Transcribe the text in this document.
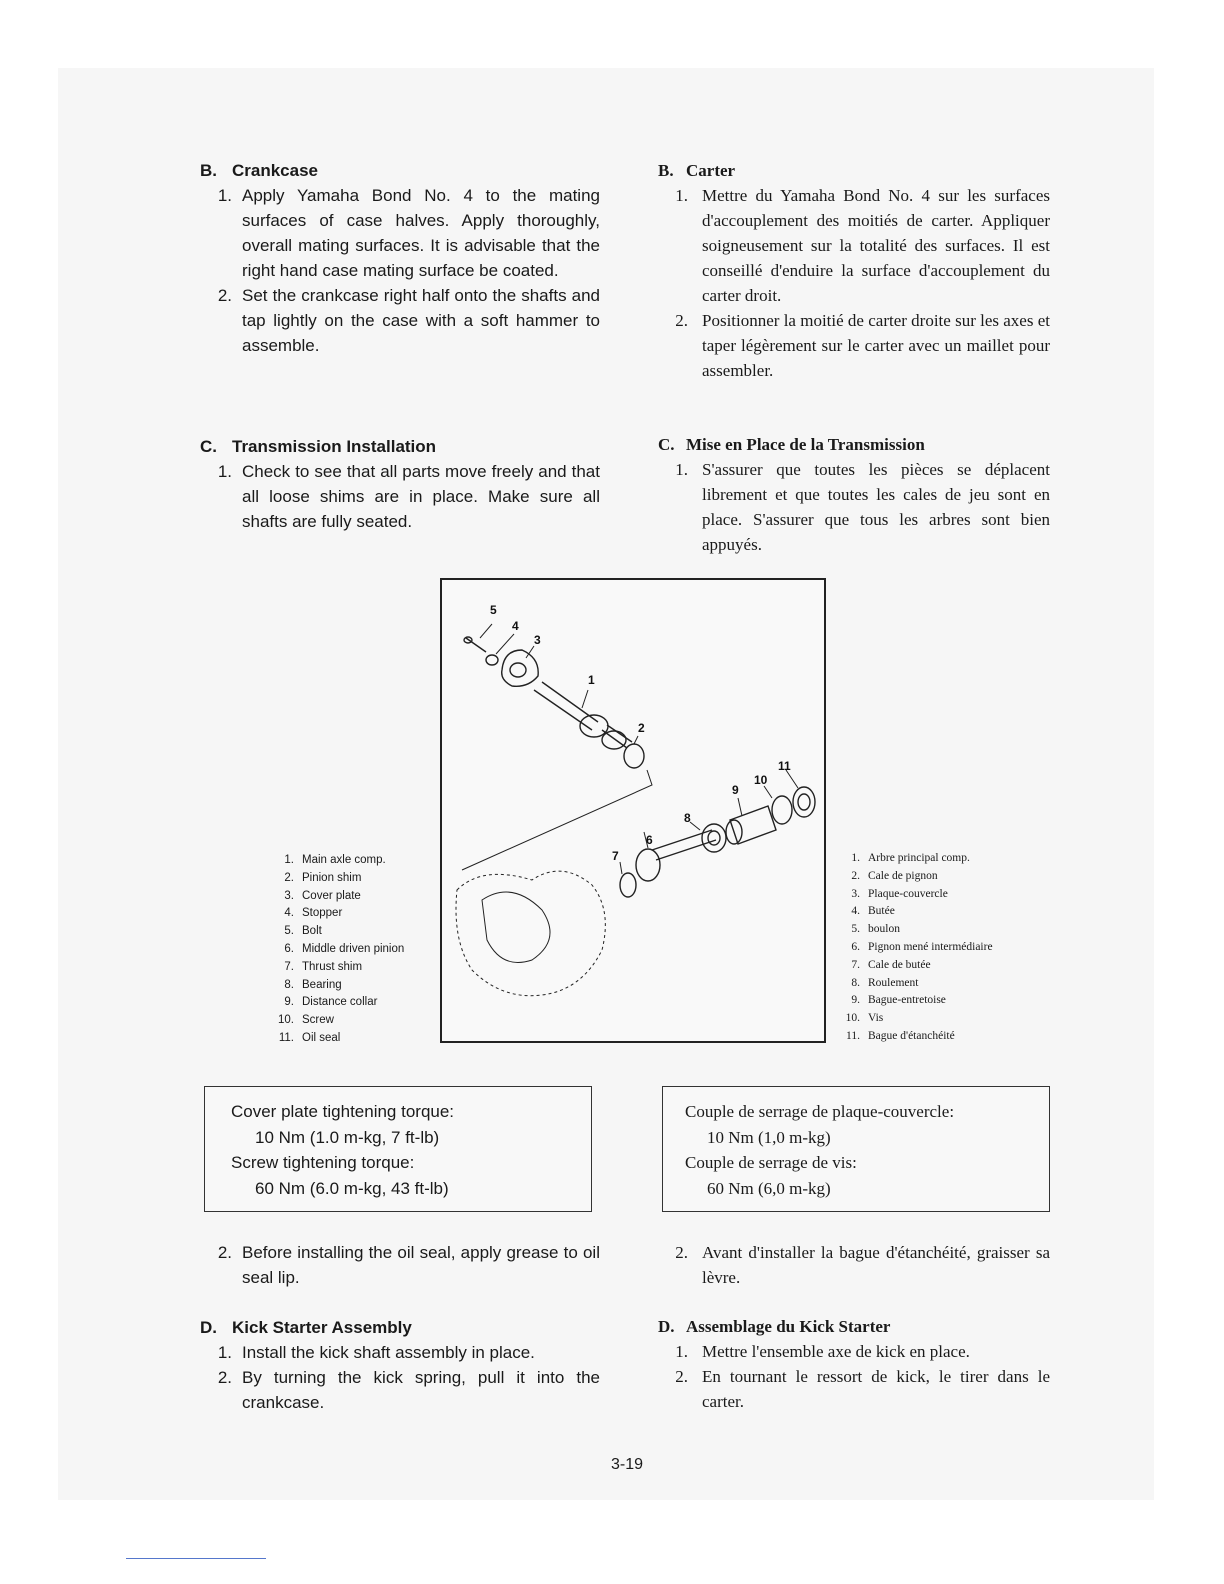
B. Crankcase

1. Apply Yamaha Bond No. 4 to the mating surfaces of case halves. Apply thoroughly, overall mating surfaces. It is advisable that the right hand case mating surface be coated.
2. Set the crankcase right half onto the shafts and tap lightly on the case with a soft hammer to assemble.

B. Carter

1. Mettre du Yamaha Bond No. 4 sur les surfaces d'accouplement des moitiés de carter. Appliquer soigneusement sur la totalité des surfaces. Il est conseillé d'enduire la surface d'accouplement du carter droit.
2. Positionner la moitié de carter droite sur les axes et taper légèrement sur le carter avec un maillet pour assembler.

C. Transmission Installation

1. Check to see that all parts move freely and that all loose shims are in place. Make sure all shafts are fully seated.

C. Mise en Place de la Transmission

1. S'assurer que toutes les pièces se déplacent librement et que toutes les cales de jeu sont en place. S'assurer que tous les arbres sont bien appuyés.
1
2
3
4
5
6
7
8
9
10
11
1. Main axle comp.
2. Pinion shim
3. Cover plate
4. Stopper
5. Bolt
6. Middle driven pinion
7. Thrust shim
8. Bearing
9. Distance collar
10. Screw
11. Oil seal
1. Arbre principal comp.
2. Cale de pignon
3. Plaque-couvercle
4. Butée
5. boulon
6. Pignon mené intermédiaire
7. Cale de butée
8. Roulement
9. Bague-entretoise
10. Vis
11. Bague d'étanchéité
Cover plate tightening torque:
10 Nm (1.0 m-kg, 7 ft-lb)
Screw tightening torque:
60 Nm (6.0 m-kg, 43 ft-lb)
Couple de serrage de plaque-couvercle:
10 Nm (1,0 m-kg)
Couple de serrage de vis:
60 Nm (6,0 m-kg)
2. Before installing the oil seal, apply grease to oil seal lip.
2. Avant d'installer la bague d'étanchéité, graisser sa lèvre.

D. Kick Starter Assembly

1. Install the kick shaft assembly in place.
2. By turning the kick spring, pull it into the crankcase.

D. Assemblage du Kick Starter

1. Mettre l'ensemble axe de kick en place.
2. En tournant le ressort de kick, le tirer dans le carter.
3-19
